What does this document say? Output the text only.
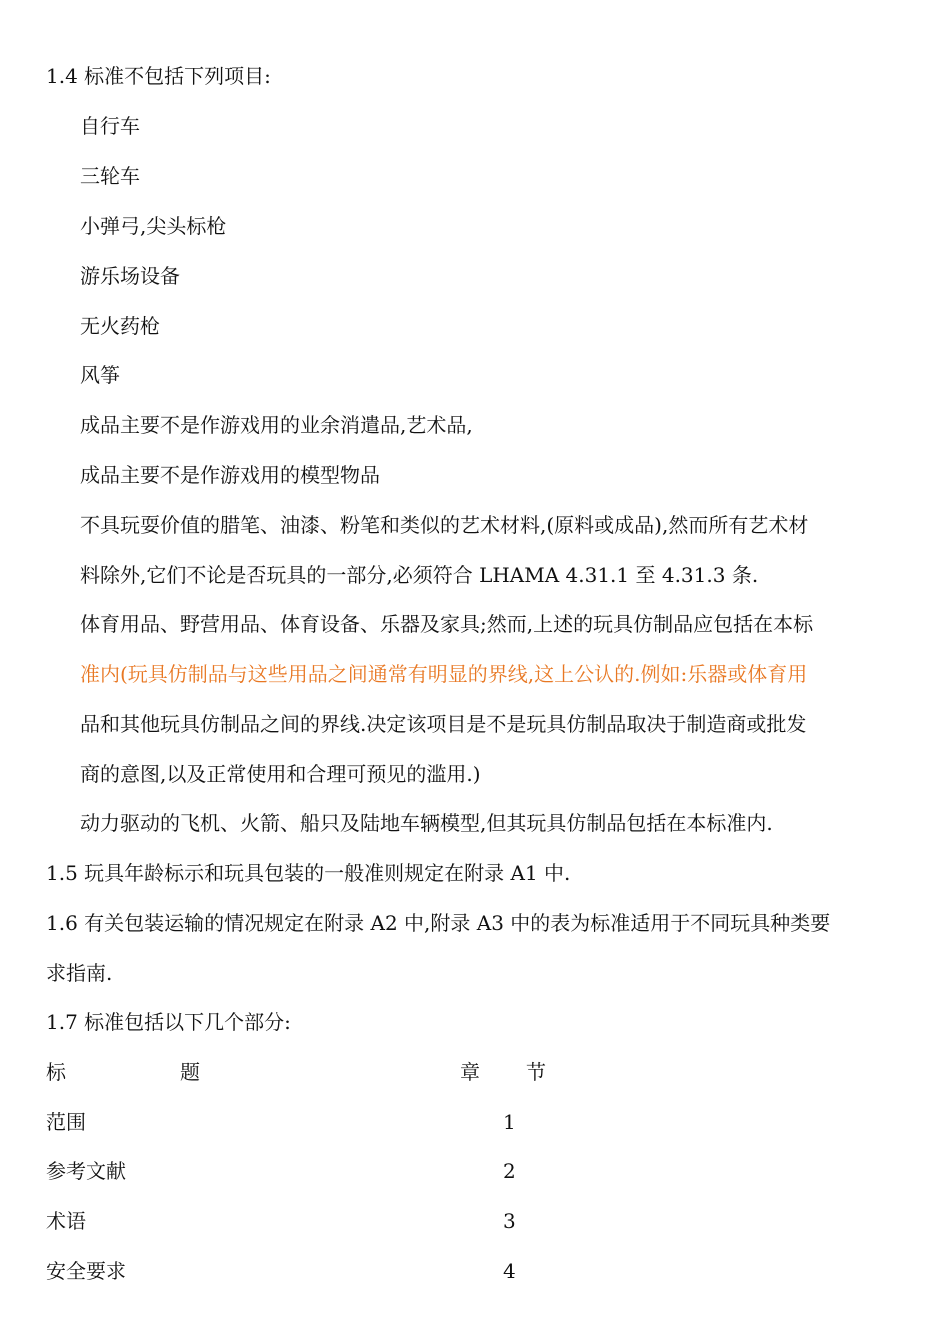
1.4 标准不包括下列项目:
自行车
三轮车
小弹弓,尖头标枪
游乐场设备
无火药枪
风筝
成品主要不是作游戏用的业余消遣品,艺术品,
成品主要不是作游戏用的模型物品
不具玩耍价值的腊笔、油漆、粉笔和类似的艺术材料,(原料或成品),然而所有艺术材
料除外,它们不论是否玩具的一部分,必须符合 LHAMA 4.31.1 至 4.31.3 条.
体育用品、野营用品、体育设备、乐器及家具;然而,上述的玩具仿制品应包括在本标
准内(玩具仿制品与这些用品之间通常有明显的界线,这上公认的.例如:乐器或体育用
品和其他玩具仿制品之间的界线.决定该项目是不是玩具仿制品取决于制造商或批发
商的意图,以及正常使用和合理可预见的滥用.)
动力驱动的飞机、火箭、船只及陆地车辆模型,但其玩具仿制品包括在本标准内.
1.5 玩具年龄标示和玩具包装的一般准则规定在附录 A1 中.
1.6 有关包装运输的情况规定在附录 A2 中,附录 A3 中的表为标准适用于不同玩具种类要
求指南.
1.7 标准包括以下几个部分:
标	题	章 节
范围	1
参考文献	2
术语	3
安全要求	4
